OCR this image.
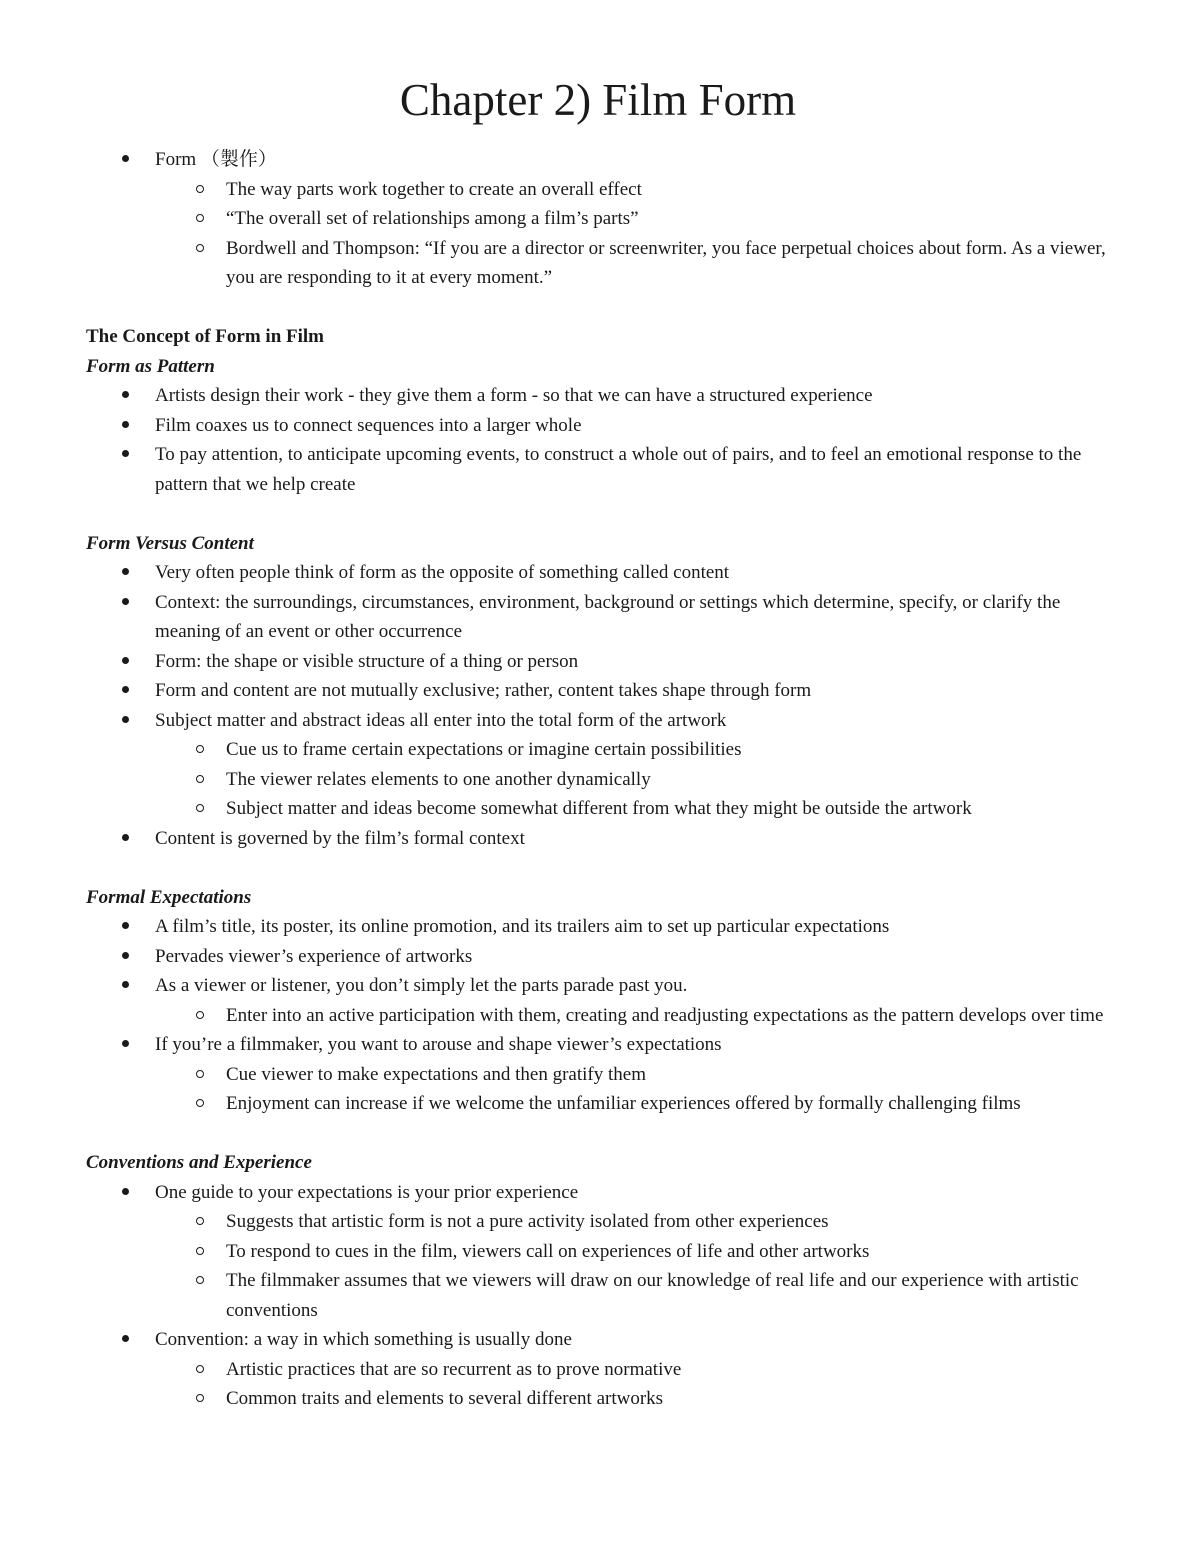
Chapter 2) Film Form
Form （製作）
The way parts work together to create an overall effect
“The overall set of relationships among a film’s parts”
Bordwell and Thompson: “If you are a director or screenwriter, you face perpetual choices about form. As a viewer, you are responding to it at every moment.”
The Concept of Form in Film
Form as Pattern
Artists design their work - they give them a form - so that we can have a structured experience
Film coaxes us to connect sequences into a larger whole
To pay attention, to anticipate upcoming events, to construct a whole out of pairs, and to feel an emotional response to the pattern that we help create
Form Versus Content
Very often people think of form as the opposite of something called content
Context: the surroundings, circumstances, environment, background or settings which determine, specify, or clarify the meaning of an event or other occurrence
Form: the shape or visible structure of a thing or person
Form and content are not mutually exclusive; rather, content takes shape through form
Subject matter and abstract ideas all enter into the total form of the artwork
Cue us to frame certain expectations or imagine certain possibilities
The viewer relates elements to one another dynamically
Subject matter and ideas become somewhat different from what they might be outside the artwork
Content is governed by the film’s formal context
Formal Expectations
A film’s title, its poster, its online promotion, and its trailers aim to set up particular expectations
Pervades viewer’s experience of artworks
As a viewer or listener, you don’t simply let the parts parade past you.
Enter into an active participation with them, creating and readjusting expectations as the pattern develops over time
If you’re a filmmaker, you want to arouse and shape viewer’s expectations
Cue viewer to make expectations and then gratify them
Enjoyment can increase if we welcome the unfamiliar experiences offered by formally challenging films
Conventions and Experience
One guide to your expectations is your prior experience
Suggests that artistic form is not a pure activity isolated from other experiences
To respond to cues in the film, viewers call on experiences of life and other artworks
The filmmaker assumes that we viewers will draw on our knowledge of real life and our experience with artistic conventions
Convention: a way in which something is usually done
Artistic practices that are so recurrent as to prove normative
Common traits and elements to several different artworks
